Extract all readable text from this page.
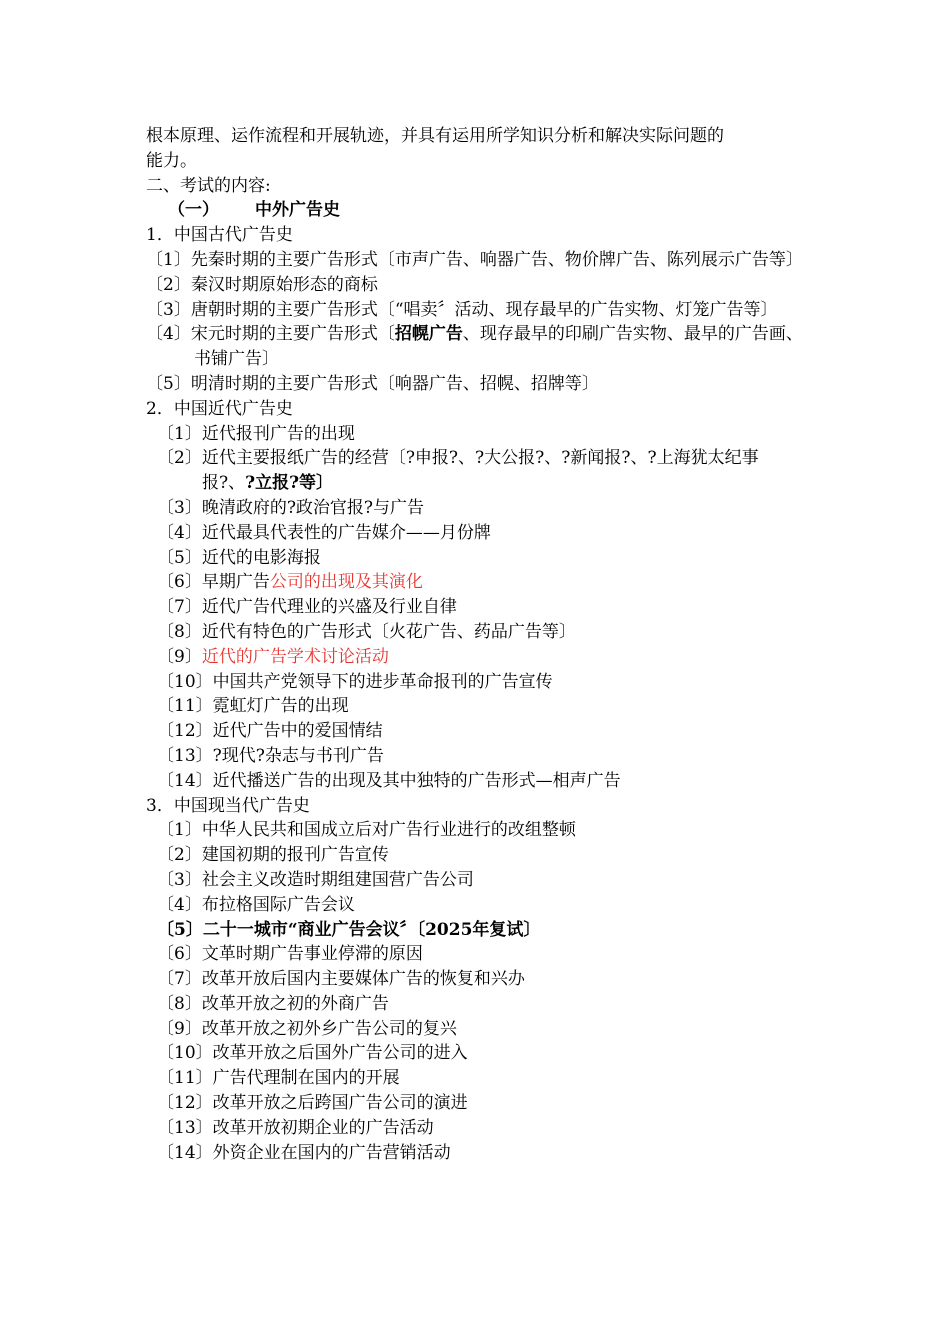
根本原理、运作流程和开展轨迹，并具有运用所学知识分析和解决实际问题的
能力。
二、考试的内容:
（一） 中外广告史
1．中国古代广告史
〔1〕先秦时期的主要广告形式〔市声广告、响器广告、物价牌广告、陈列展示广告等〕
〔2〕秦汉时期原始形态的商标
〔3〕唐朝时期的主要广告形式〔“唱卖〞活动、现存最早的广告实物、灯笼广告等〕
〔4〕宋元时期的主要广告形式〔招幌广告、现存最早的印刷广告实物、最早的广告画、书铺广告〕
〔5〕明清时期的主要广告形式〔响器广告、招幌、招牌等〕
2．中国近代广告史
〔1〕近代报刊广告的出现
〔2〕近代主要报纸广告的经营〔?申报?、?大公报?、?新闻报?、?上海犹太纪事报?、?立报?等〕
〔3〕晚清政府的?政治官报?与广告
〔4〕近代最具代表性的广告媒介——月份牌
〔5〕近代的电影海报
〔6〕早期广告公司的出现及其演化
〔7〕近代广告代理业的兴盛及行业自律
〔8〕近代有特色的广告形式〔火花广告、药品广告等〕
〔9〕近代的广告学术讨论活动
〔10〕中国共产党领导下的进步革命报刊的广告宣传
〔11〕霓虹灯广告的出现
〔12〕近代广告中的爱国情结
〔13〕?现代?杂志与书刊广告
〔14〕近代播送广告的出现及其中独特的广告形式—相声广告
3．中国现当代广告史
〔1〕中华人民共和国成立后对广告行业进行的改组整顿
〔2〕建国初期的报刊广告宣传
〔3〕社会主义改造时期组建国营广告公司
〔4〕布拉格国际广告会议
〔5〕二十一城市“商业广告会议〞〔2025年复试〕
〔6〕文革时期广告事业停滞的原因
〔7〕改革开放后国内主要媒体广告的恢复和兴办
〔8〕改革开放之初的外商广告
〔9〕改革开放之初外乡广告公司的复兴
〔10〕改革开放之后国外广告公司的进入
〔11〕广告代理制在国内的开展
〔12〕改革开放之后跨国广告公司的演进
〔13〕改革开放初期企业的广告活动
〔14〕外资企业在国内的广告营销活动
